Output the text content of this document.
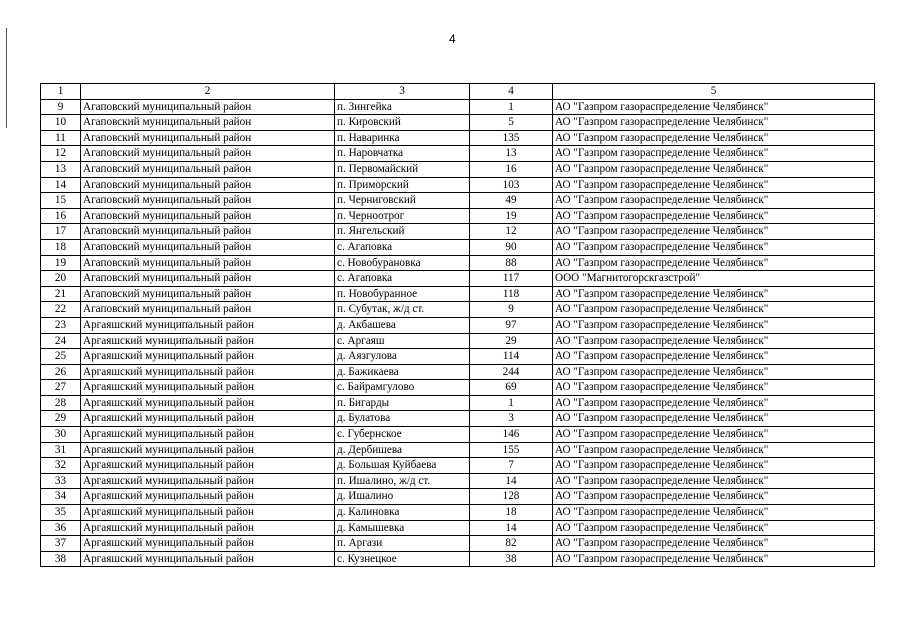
4
1	2	3	4	5
9	Агаповский муниципальный район	п. Зингейка	1	АО "Газпром газораспределение Челябинск"
10	Агаповский муниципальный район	п. Кировский	5	АО "Газпром газораспределение Челябинск"
11	Агаповский муниципальный район	п. Наваринка	135	АО "Газпром газораспределение Челябинск"
12	Агаповский муниципальный район	п. Наровчатка	13	АО "Газпром газораспределение Челябинск"
13	Агаповский муниципальный район	п. Первомайский	16	АО "Газпром газораспределение Челябинск"
14	Агаповский муниципальный район	п. Приморский	103	АО "Газпром газораспределение Челябинск"
15	Агаповский муниципальный район	п. Черниговский	49	АО "Газпром газораспределение Челябинск"
16	Агаповский муниципальный район	п. Черноотрог	19	АО "Газпром газораспределение Челябинск"
17	Агаповский муниципальный район	п. Янгельский	12	АО "Газпром газораспределение Челябинск"
18	Агаповский муниципальный район	с. Агаповка	90	АО "Газпром газораспределение Челябинск"
19	Агаповский муниципальный район	с. Новобурановка	88	АО "Газпром газораспределение Челябинск"
20	Агаповский муниципальный район	с. Агаповка	117	ООО "Магнитогорскгазстрой"
21	Агаповский муниципальный район	п. Новобуранное	118	АО "Газпром газораспределение Челябинск"
22	Агаповский муниципальный район	п. Субутак, ж/д ст.	9	АО "Газпром газораспределение Челябинск"
23	Аргаяшский муниципальный район	д. Акбашева	97	АО "Газпром газораспределение Челябинск"
24	Аргаяшский муниципальный район	с. Аргаяш	29	АО "Газпром газораспределение Челябинск"
25	Аргаяшский муниципальный район	д. Аязгулова	114	АО "Газпром газораспределение Челябинск"
26	Аргаяшский муниципальный район	д. Бажикаева	244	АО "Газпром газораспределение Челябинск"
27	Аргаяшский муниципальный район	с. Байрамгулово	69	АО "Газпром газораспределение Челябинск"
28	Аргаяшский муниципальный район	п. Бигарды	1	АО "Газпром газораспределение Челябинск"
29	Аргаяшский муниципальный район	д. Булатова	3	АО "Газпром газораспределение Челябинск"
30	Аргаяшский муниципальный район	с. Губернское	146	АО "Газпром газораспределение Челябинск"
31	Аргаяшский муниципальный район	д. Дербишева	155	АО "Газпром газораспределение Челябинск"
32	Аргаяшский муниципальный район	д. Большая Куйбаева	7	АО "Газпром газораспределение Челябинск"
33	Аргаяшский муниципальный район	п. Ишалино, ж/д ст.	14	АО "Газпром газораспределение Челябинск"
34	Аргаяшский муниципальный район	д. Ишалино	128	АО "Газпром газораспределение Челябинск"
35	Аргаяшский муниципальный район	д. Калиновка	18	АО "Газпром газораспределение Челябинск"
36	Аргаяшский муниципальный район	д. Камышевка	14	АО "Газпром газораспределение Челябинск"
37	Аргаяшский муниципальный район	п. Аргази	82	АО "Газпром газораспределение Челябинск"
38	Аргаяшский муниципальный район	с. Кузнецкое	38	АО "Газпром газораспределение Челябинск"
